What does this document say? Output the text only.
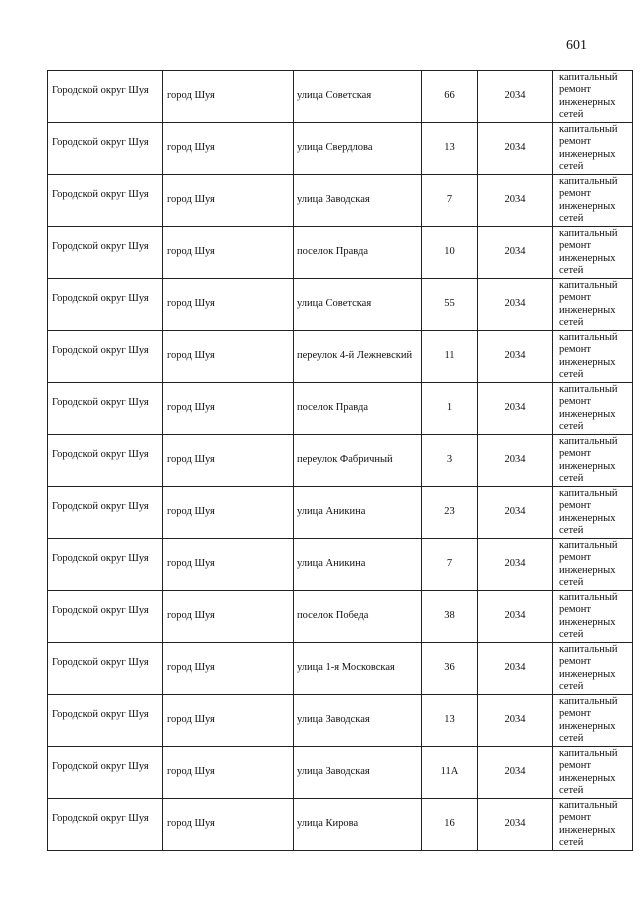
601
Городской округ Шуя	город Шуя	улица Советская	66	2034	капитальный
ремонт
инженерных
сетей

Городской округ Шуя	город Шуя	улица Свердлова	13	2034	капитальный
ремонт
инженерных
сетей

Городской округ Шуя	город Шуя	улица Заводская	7	2034	капитальный
ремонт
инженерных
сетей

Городской округ Шуя	город Шуя	поселок Правда	10	2034	капитальный
ремонт
инженерных
сетей

Городской округ Шуя	город Шуя	улица Советская	55	2034	капитальный
ремонт
инженерных
сетей

Городской округ Шуя	город Шуя	переулок 4-й Лежневский	11	2034	капитальный
ремонт
инженерных
сетей

Городской округ Шуя	город Шуя	поселок Правда	1	2034	капитальный
ремонт
инженерных
сетей

Городской округ Шуя	город Шуя	переулок Фабричный	3	2034	капитальный
ремонт
инженерных
сетей

Городской округ Шуя	город Шуя	улица Аникина	23	2034	капитальный
ремонт
инженерных
сетей

Городской округ Шуя	город Шуя	улица Аникина	7	2034	капитальный
ремонт
инженерных
сетей

Городской округ Шуя	город Шуя	поселок Победа	38	2034	капитальный
ремонт
инженерных
сетей

Городской округ Шуя	город Шуя	улица 1-я Московская	36	2034	капитальный
ремонт
инженерных
сетей

Городской округ Шуя	город Шуя	улица Заводская	13	2034	капитальный
ремонт
инженерных
сетей

Городской округ Шуя	город Шуя	улица Заводская	11А	2034	капитальный
ремонт
инженерных
сетей

Городской округ Шуя	город Шуя	улица Кирова	16	2034	капитальный
ремонт
инженерных
сетей
